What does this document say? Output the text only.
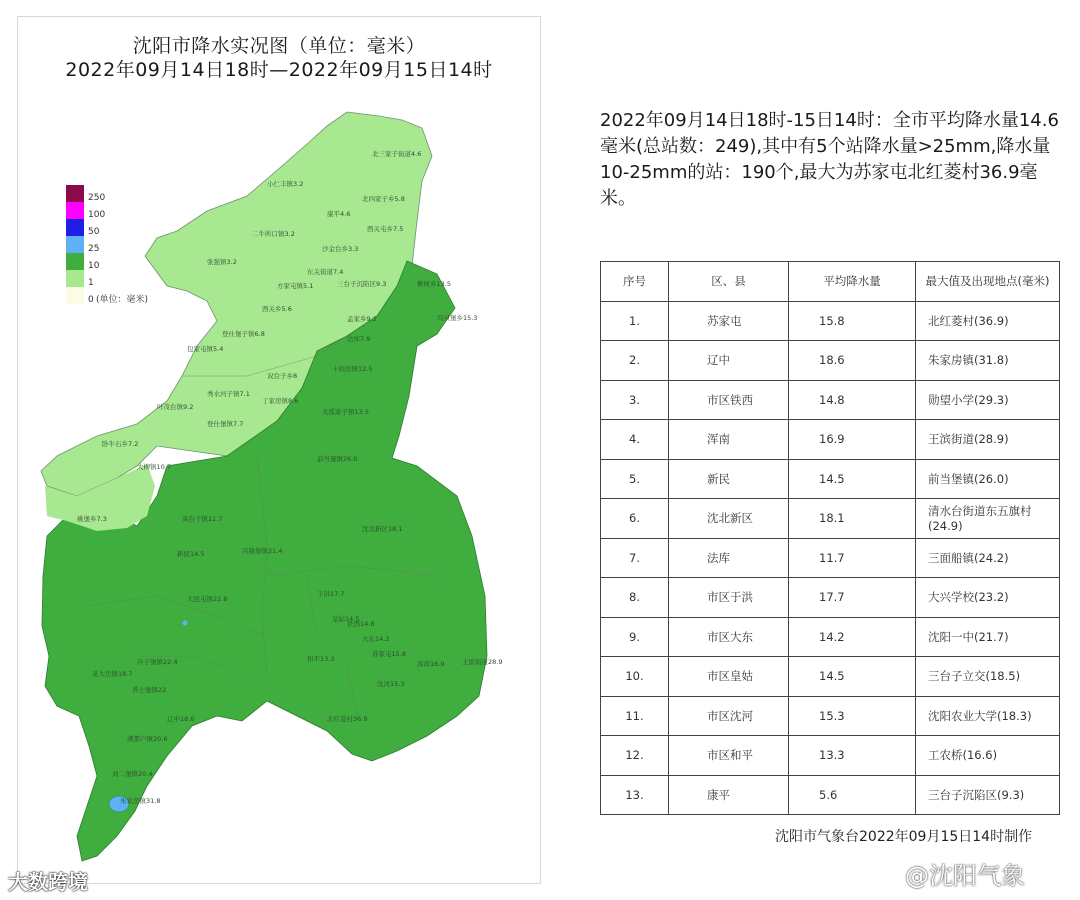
沈阳市降水实况图（单位：毫米）
2022年09月14日18时—2022年09月15日14时
250
100
50
25
10
1
0 (单位：毫米)
北三家子街道4.6
小仁丰镇3.2
北四家子乡5.8
康平4.6
西关屯乡7.5
二牛所口镇3.2
张强镇3.2
沙金台乡3.3
东关街道7.4
方家屯镇5.1	三台子沉陷区9.3	柳树乡13.5
西关乡5.6
登仕堡子镇6.8
包家屯镇5.4
孟家乡9.2
法库7.9
冯贝堡乡15.3
双台子乡8
秀水河子镇7.1
十间房镇12.5
叶茂台镇9.2
丁家房镇8.6
大孤家子镇13.5
登仕堡镇7.7
卧牛石乡7.2
大柳镇10.7
前当堡镇26.0
新民14.5
辽中18.6
朱家房镇31.8
沈北新区18.1
苏家屯15.8
北红菱村36.9
姚堡乡7.3	高台子镇11.7
兴隆堡镇21.4
大民屯镇22.8
浑南16.9
老大房镇18.7
养士堡镇22
冷子堡镇22.4
满都户镇20.6
刘二堡镇20.4
于洪17.7
皇姑14.5
大东14.2
和平13.3
沈河15.3
铁西14.8
王滨街道28.9
2022年09月14日18时-15日14时：全市平均降水量14.6毫米(总站数：249),其中有5个站降水量>25mm,降水量10-25mm的站：190个,最大为苏家屯北红菱村36.9毫米。
序号	区、县	平均降水量	最大值及出现地点(毫米)
1.	苏家屯	15.8	北红菱村(36.9)
2.	辽中	18.6	朱家房镇(31.8)
3.	市区铁西	14.8	勋望小学(29.3)
4.	浑南	16.9	王滨街道(28.9)
5.	新民	14.5	前当堡镇(26.0)
6.	沈北新区	18.1	清水台街道东五旗村(24.9)
7.	法库	11.7	三面船镇(24.2)
8.	市区于洪	17.7	大兴学校(23.2)
9.	市区大东	14.2	沈阳一中(21.7)
10.	市区皇姑	14.5	三台子立交(18.5)
11.	市区沈河	15.3	沈阳农业大学(18.3)
12.	市区和平	13.3	工农桥(16.6)
13.	康平	5.6	三台子沉陷区(9.3)
沈阳市气象台2022年09月15日14时制作
大数跨境	@沈阳气象
